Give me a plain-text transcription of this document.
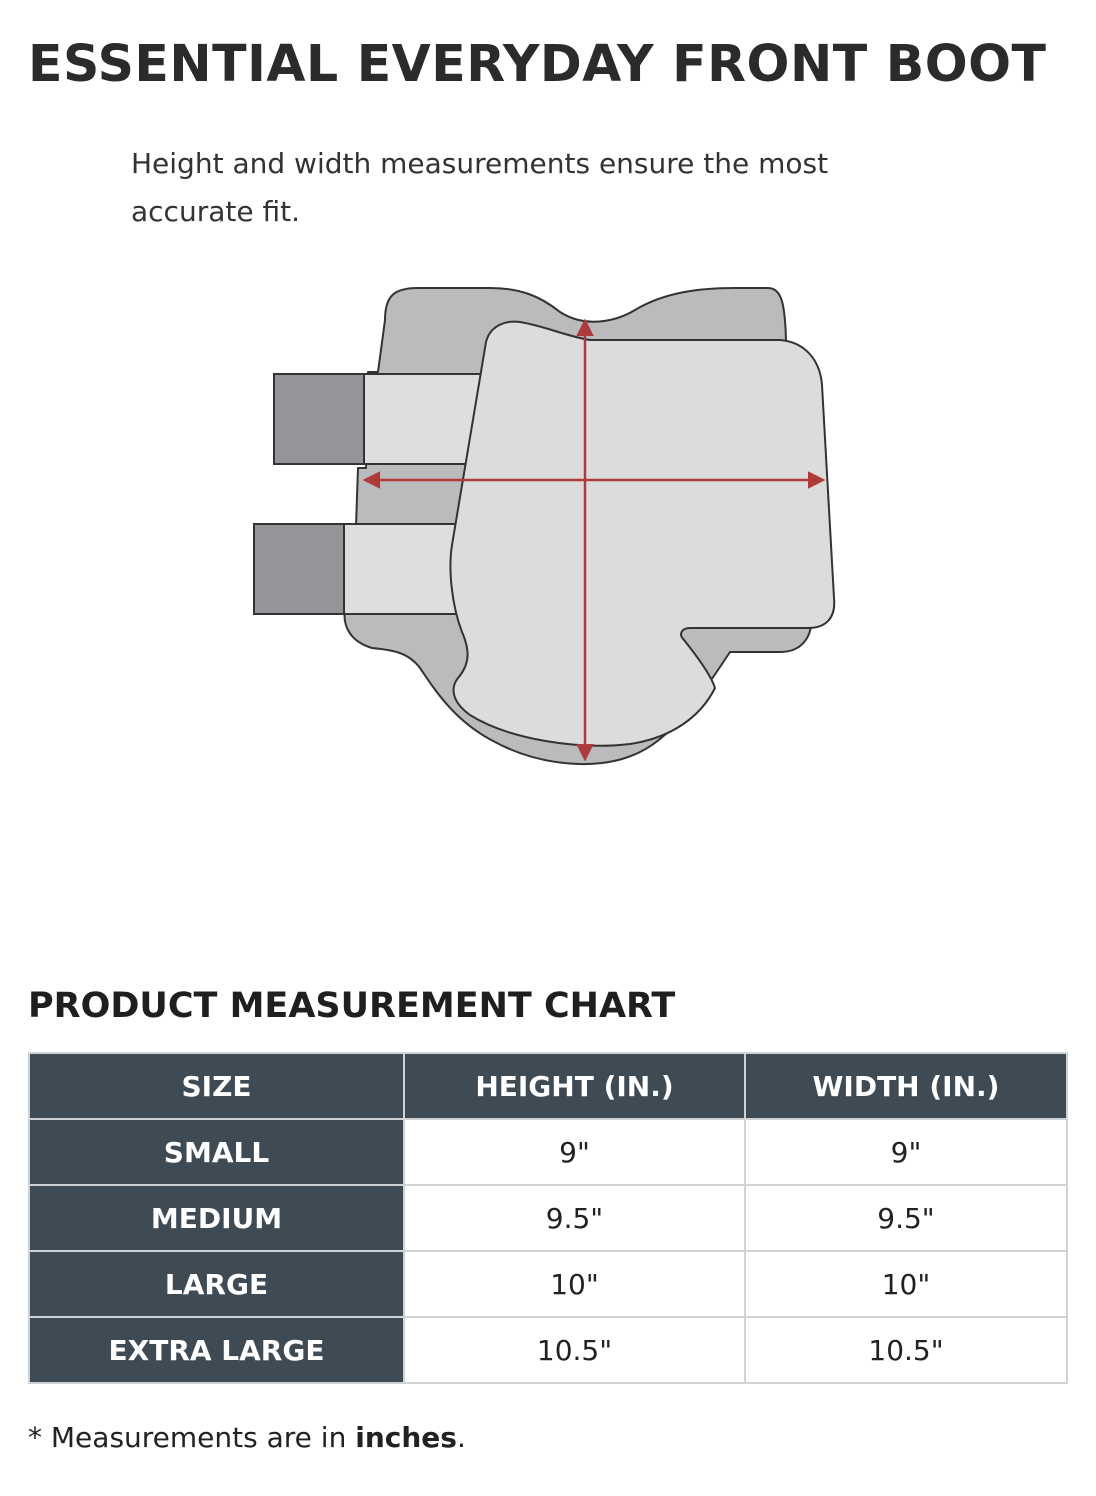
ESSENTIAL EVERYDAY FRONT BOOT

Height and width measurements ensure the most accurate fit.

PRODUCT MEASUREMENT CHART
SIZE	HEIGHT (IN.)	WIDTH (IN.)
SMALL	9"	9"
MEDIUM	9.5"	9.5"
LARGE	10"	10"
EXTRA LARGE	10.5"	10.5"

* Measurements are in inches.
